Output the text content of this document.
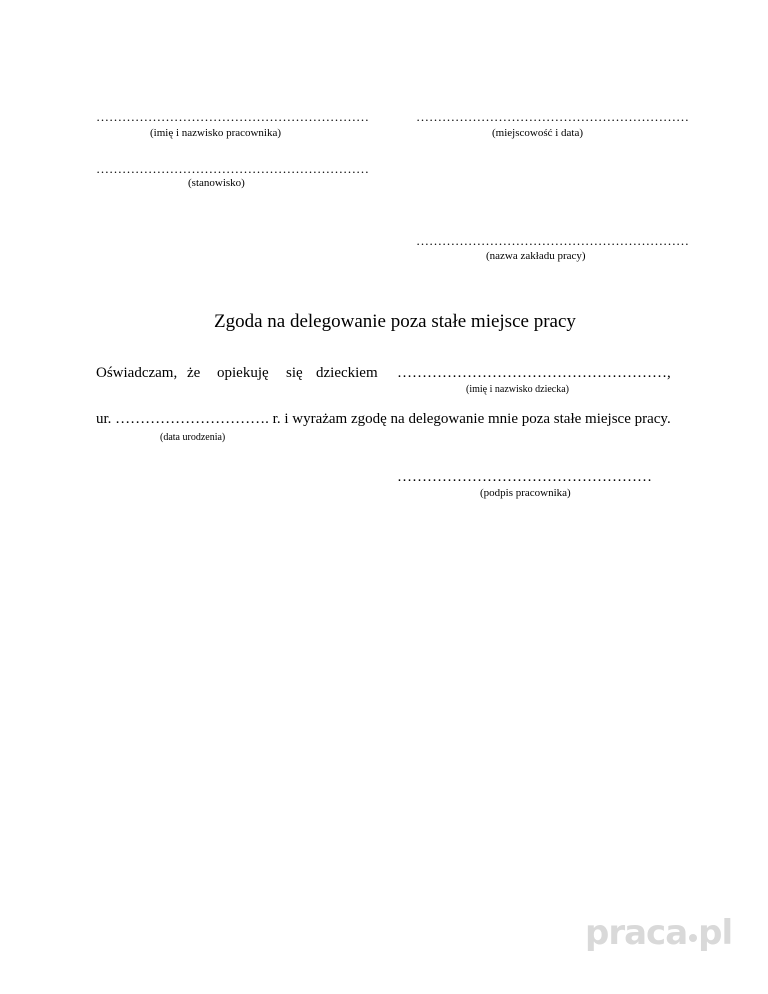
………………………………………………………
(imię i nazwisko pracownika)
………………………………………………………
(miejscowość i data)
………………………………………………………
(stanowisko)
………………………………………………………
(nazwa zakładu pracy)
Zgoda na delegowanie poza stałe miejsce pracy
Oświadczam, że opiekuję się dzieckiem ………………………………………………,
(imię i nazwisko dziecka)
ur. …………………………. r. i wyrażam zgodę na delegowanie mnie poza stałe miejsce pracy.
(data urodzenia)
……………………………………………
(podpis pracownika)
praca pl
